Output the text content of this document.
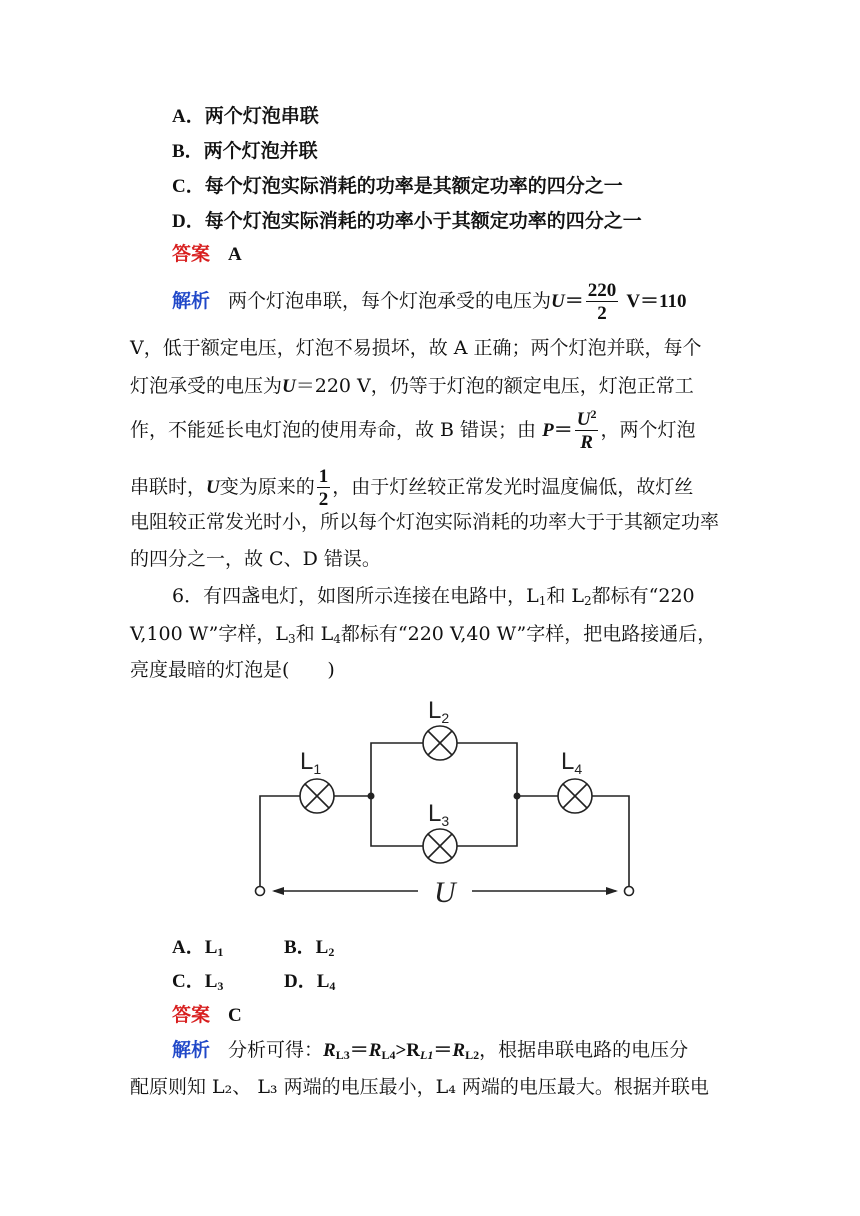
A．两个灯泡串联
B．两个灯泡并联
C．每个灯泡实际消耗的功率是其额定功率的四分之一
D．每个灯泡实际消耗的功率小于其额定功率的四分之一
答案 A
解析 两个灯泡串联，每个灯泡承受的电压为$U= \frac{220}{2} V=110$
V，低于额定电压，灯泡不易损坏，故 A 正确；两个灯泡并联，每个
灯泡承受的电压为U＝220 V，仍等于灯泡的额定电压，灯泡正常工
作，不能延长电灯泡的使用寿命，故 B 错误；由 $P= \frac{U^2}{R}$ ，两个灯泡
串联时，U变为原来的 $\frac{1}{2}$ ，由于灯丝较正常发光时温度偏低，故灯丝
电阻较正常发光时小，所以每个灯泡实际消耗的功率大于于其额定功率
的四分之一，故 C、D 错误。
6．有四盏电灯，如图所示连接在电路中，$L_1$和 $L_2$都标有“220
V,100 W”字样，$L_3$和 $L_4$都标有“220 V,40 W”字样，把电路接通后，
亮度最暗的灯泡是(　　)
$L_1$
$L_2$
$L_3$
$L_4$
U
A．$L_1$	B．$L_2$
C．$L_3$	D．$L_4$
答案 C
解析 分析可得：$R_{L3}=R_{L4}>R_{L1}=R_{L2}$，根据串联电路的电压分
配原则知 L₂、 L₃ 两端的电压最小，L₄ 两端的电压最大。根据并联电
